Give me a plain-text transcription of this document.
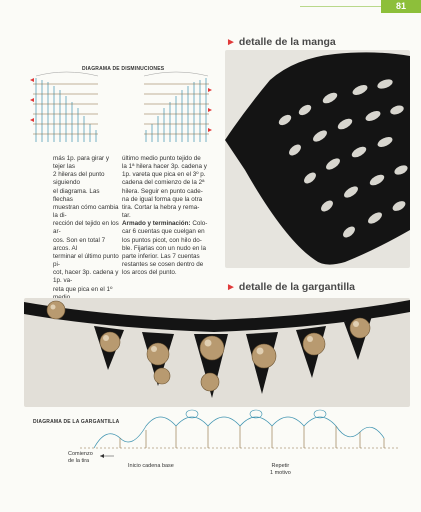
81
DIAGRAMA DE DISMINUCIONES

más 1p. para girar y tejer las

2 hileras del punto siguiendo

el diagrama. Las flechas

muestran cómo cambia la di-

rección del tejido en los ar-

cos. Son en total 7 arcos. Al

terminar el último punto pi-

cot, hacer 3p. cadena y 1p. va-

reta que pica en el 1º

último medio punto tejido de

la 1ª hilera hacer 3p. cadena y

1p. vareta que pica en el 3º p.

cadena del comienzo de la 2ª

hilera. Seguir en punto cade-

na de igual forma que la otra

tira. Cortar la hebra y rema-

tar.

Armado y terminación: Colo-

car 6 cuentas que cuelgan en

los puntos picot, con hilo do-

ble. Fijarlas con un nudo en la

parte inferior. Las 7 cuentas

restantes se cosen dentro de

los arcos del punto.

► detalle de la manga
► detalle de la gargantilla
DIAGRAMA DE LA GARGANTILLA
Comienzo
de la tira
Inicio cadena base	Repetir
1 motivo
